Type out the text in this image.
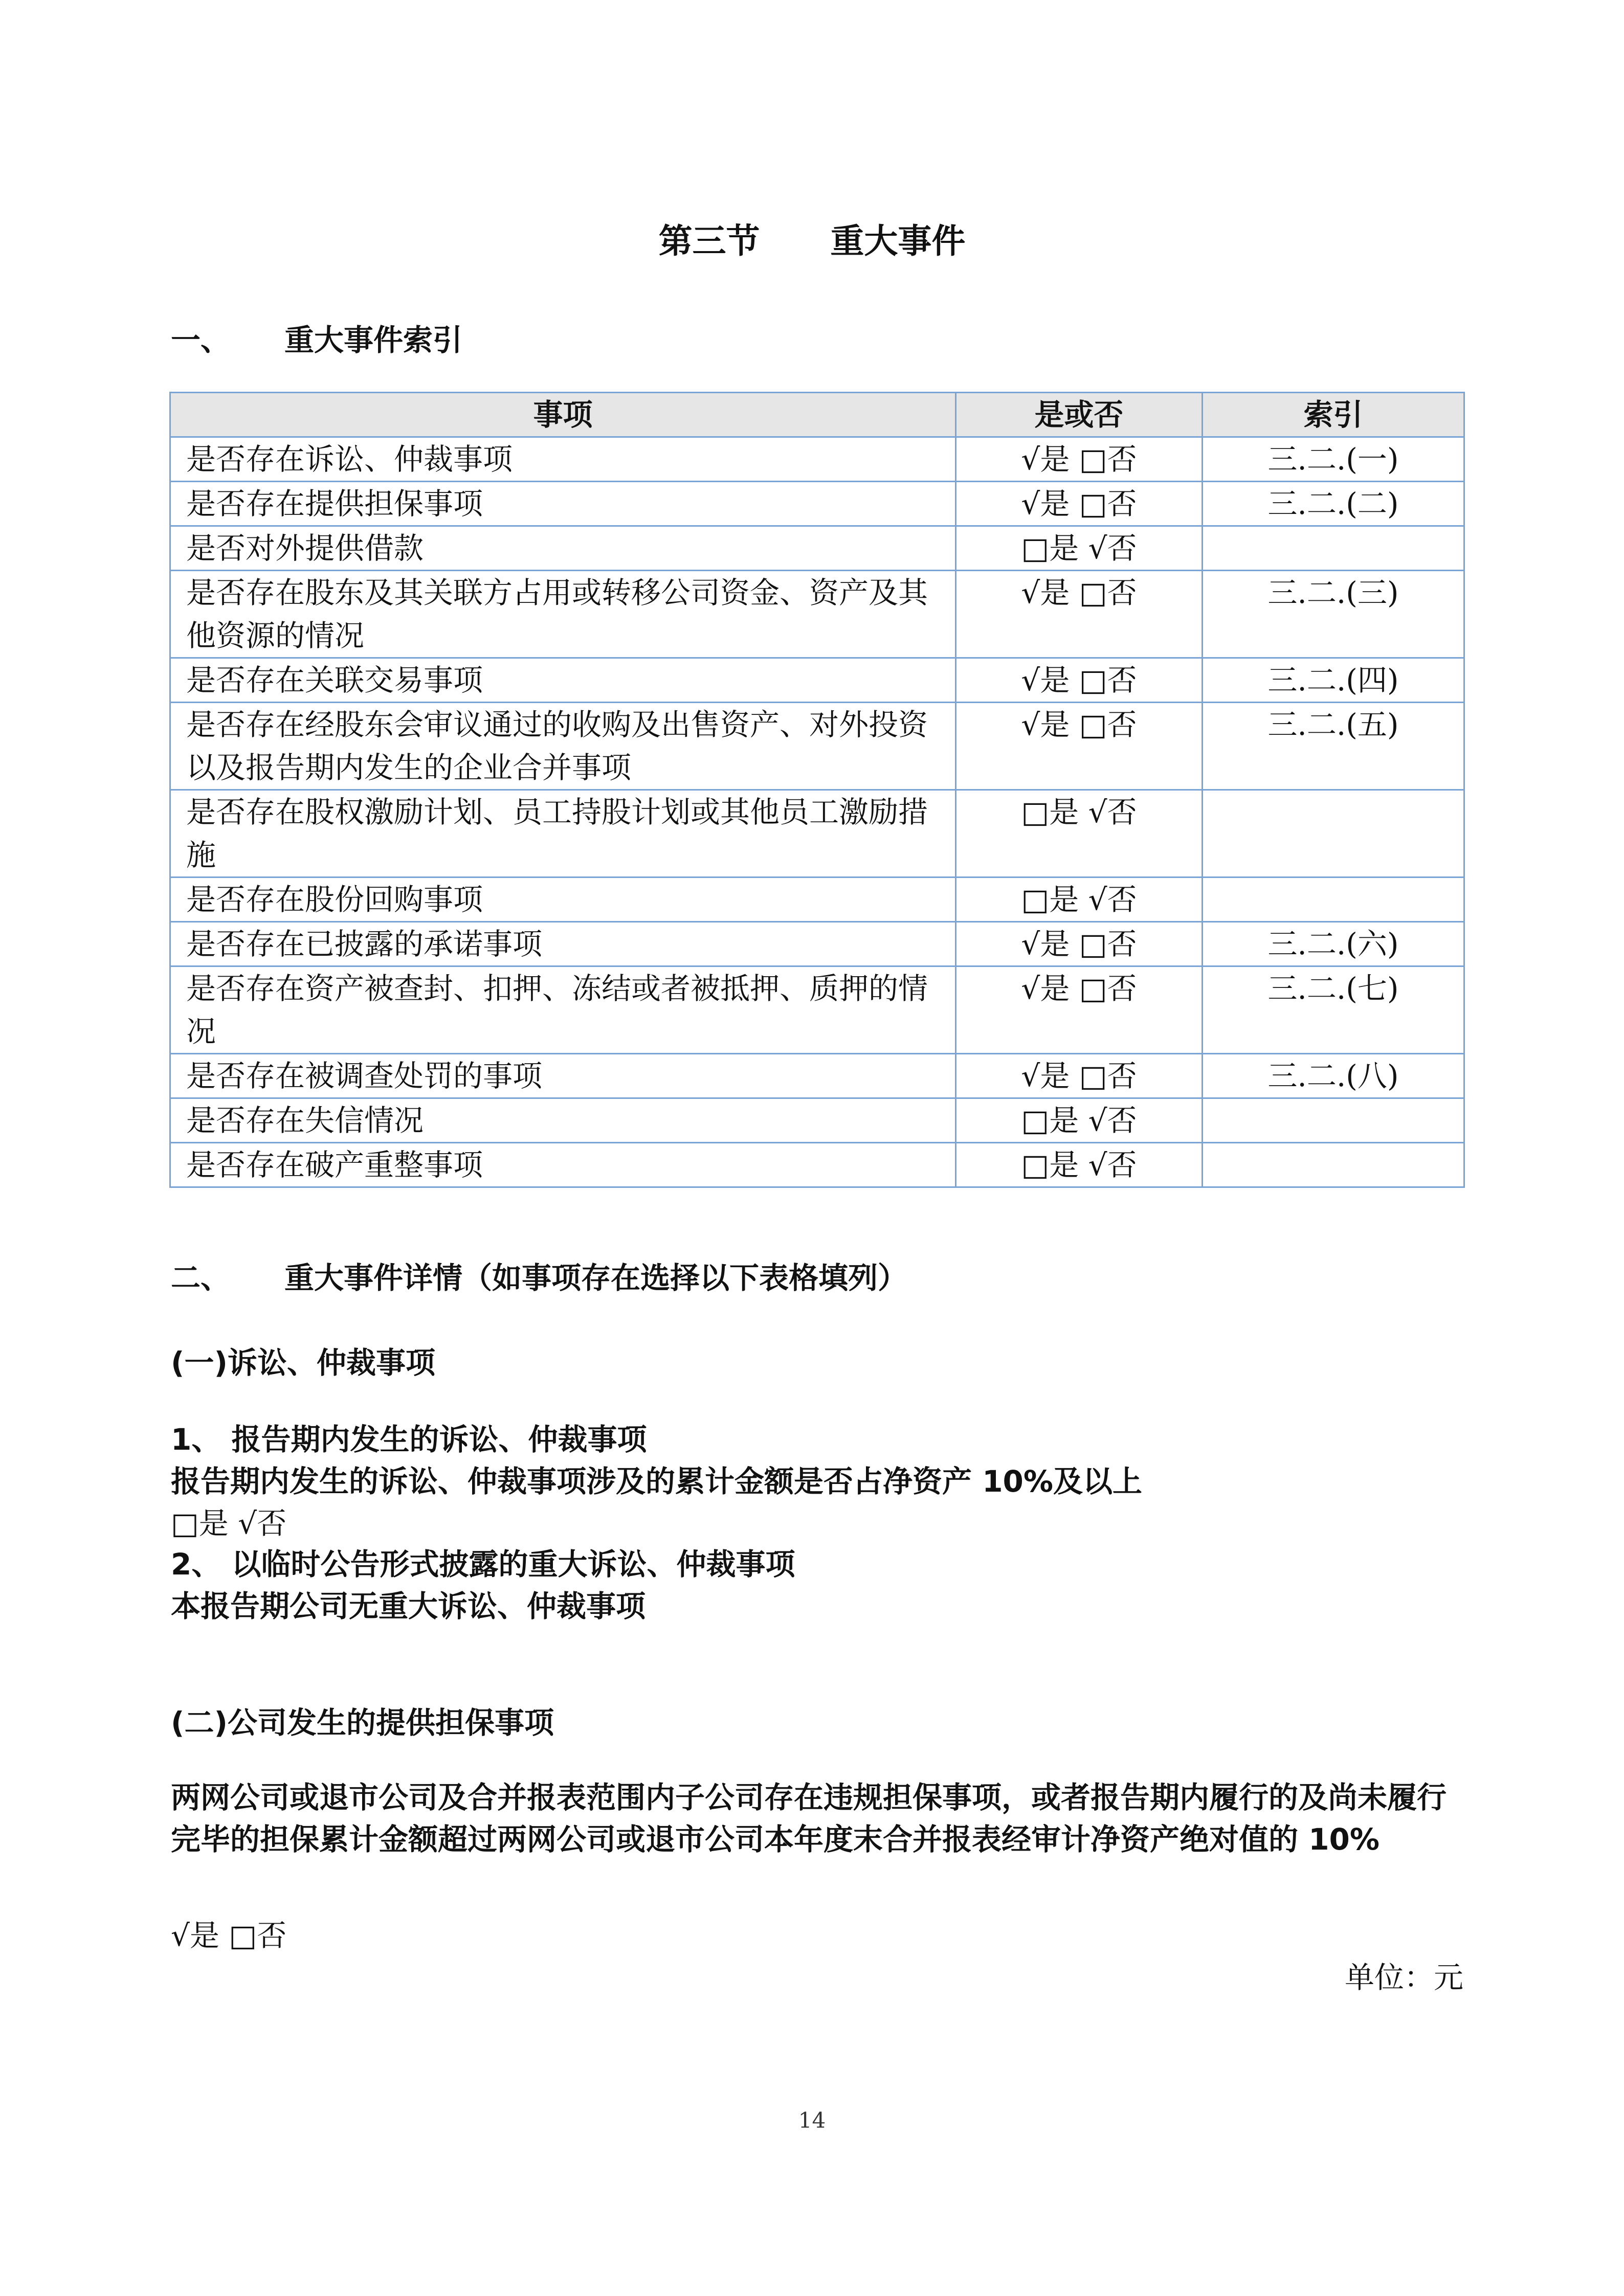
第三节      重大事件
一、 重大事件索引
事项	是或否	索引
是否存在诉讼、仲裁事项	√是 □否	三.二.(一)
是否存在提供担保事项	√是 □否	三.二.(二)
是否对外提供借款	□是 √否	
是否存在股东及其关联方占用或转移公司资金、资产及其他资源的情况	√是 □否	三.二.(三)
是否存在关联交易事项	√是 □否	三.二.(四)
是否存在经股东会审议通过的收购及出售资产、对外投资以及报告期内发生的企业合并事项	√是 □否	三.二.(五)
是否存在股权激励计划、员工持股计划或其他员工激励措施	□是 √否	
是否存在股份回购事项	□是 √否	
是否存在已披露的承诺事项	√是 □否	三.二.(六)
是否存在资产被查封、扣押、冻结或者被抵押、质押的情况	√是 □否	三.二.(七)
是否存在被调查处罚的事项	√是 □否	三.二.(八)
是否存在失信情况	□是 √否	
是否存在破产重整事项	□是 √否	
二、 重大事件详情（如事项存在选择以下表格填列）
(一)诉讼、仲裁事项
1、 报告期内发生的诉讼、仲裁事项
报告期内发生的诉讼、仲裁事项涉及的累计金额是否占净资产 10%及以上
□是 √否
2、 以临时公告形式披露的重大诉讼、仲裁事项
本报告期公司无重大诉讼、仲裁事项
(二)公司发生的提供担保事项
两网公司或退市公司及合并报表范围内子公司存在违规担保事项，或者报告期内履行的及尚未履行完毕的担保累计金额超过两网公司或退市公司本年度末合并报表经审计净资产绝对值的 10%
√是 □否
单位：元
14
